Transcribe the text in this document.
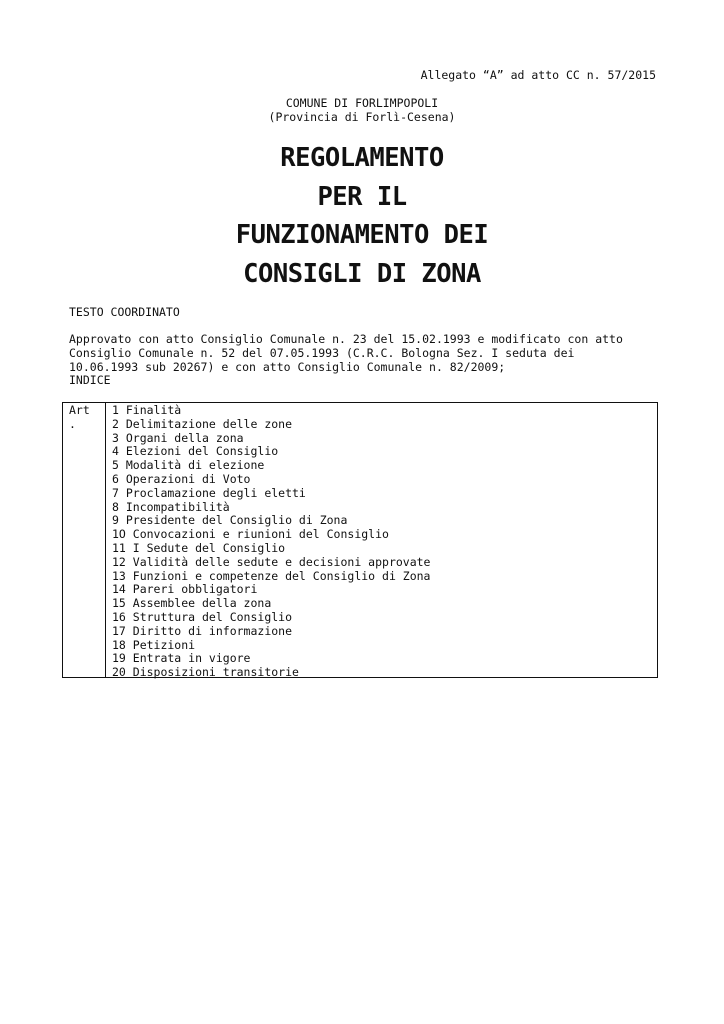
Allegato “A” ad atto CC n. 57/2015
COMUNE DI FORLIMPOPOLI
(Provincia di Forlì-Cesena)
REGOLAMENTO
PER IL
FUNZIONAMENTO DEI
CONSIGLI DI ZONA
TESTO COORDINATO
Approvato con atto Consiglio Comunale n. 23 del 15.02.1993 e modificato con atto
Consiglio Comunale n. 52 del 07.05.1993 (C.R.C. Bologna Sez. I seduta dei
10.06.1993 sub 20267) e con atto Consiglio Comunale n. 82/2009;
INDICE
Art
.
1 Finalità
2 Delimitazione delle zone
3 Organi della zona
4 Elezioni del Consiglio
5 Modalità di elezione
6 Operazioni di Voto
7 Proclamazione degli eletti
8 Incompatibilità
9 Presidente del Consiglio di Zona
1O Convocazioni e riunioni del Consiglio
11 I Sedute del Consiglio
12 Validità delle sedute e decisioni approvate
13 Funzioni e competenze del Consiglio di Zona
14 Pareri obbligatori
15 Assemblee della zona
16 Struttura del Consiglio
17 Diritto di informazione
18 Petizioni
19 Entrata in vigore
20 Disposizioni transitorie
